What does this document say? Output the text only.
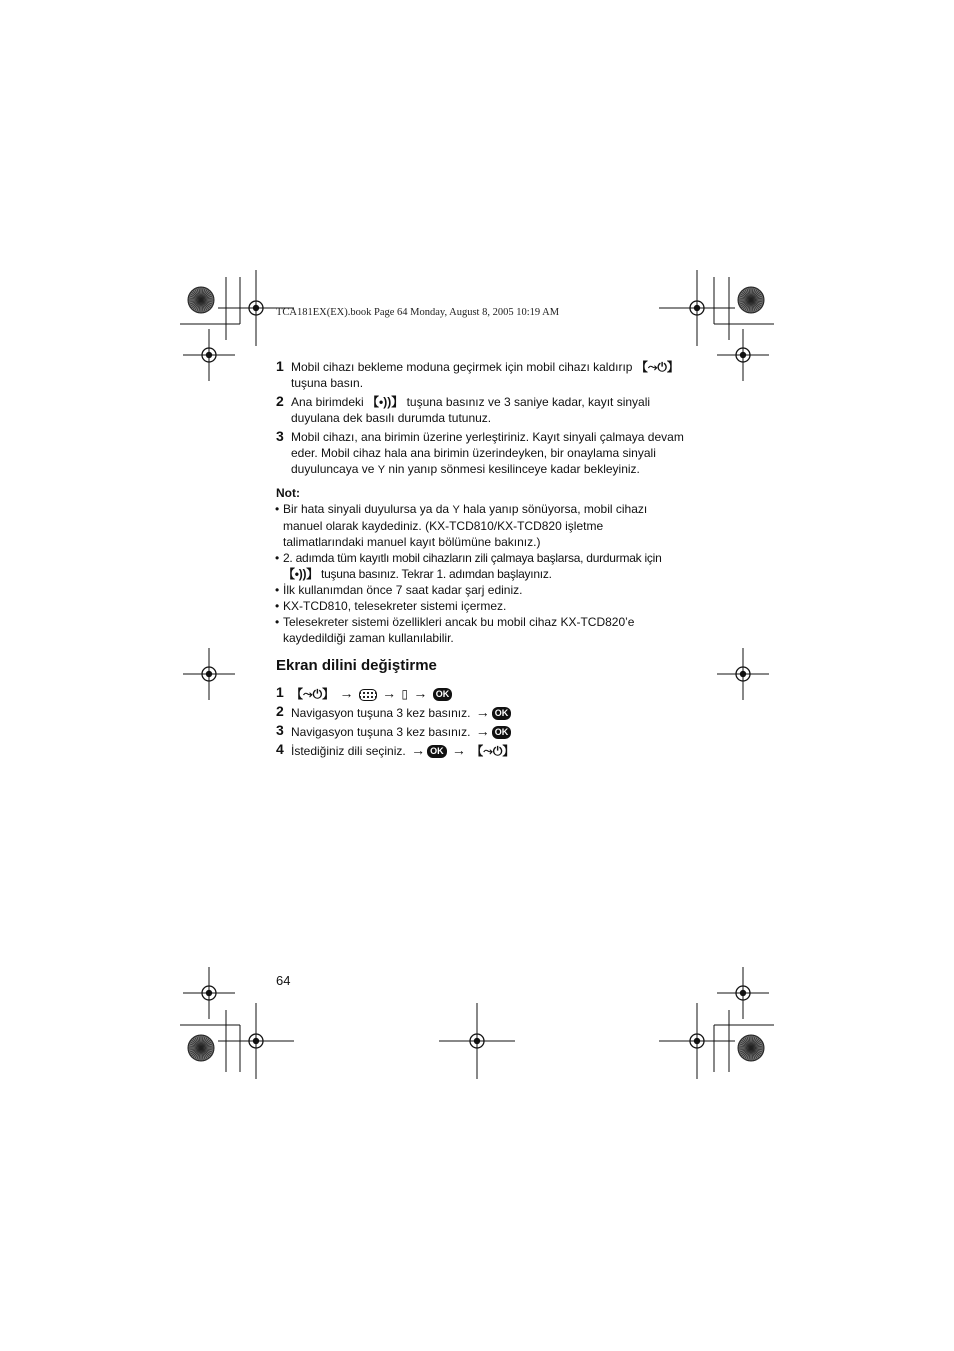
TCA181EX(EX).book Page 64 Monday, August 8, 2005 10:19 AM
1 Mobil cihazı bekleme moduna geçirmek için mobil cihazı kaldırıp 【⤳⏻】 tuşuna basın.
2 Ana birimdeki 【•))】 tuşuna basınız ve 3 saniye kadar, kayıt sinyali duyulana dek basılı durumda tutunuz.
3 Mobil cihazı, ana birimin üzerine yerleştiriniz. Kayıt sinyali çalmaya devam eder. Mobil cihaz hala ana birimin üzerindeyken, bir onaylama sinyali duyuluncaya ve Y nin yanıp sönmesi kesilinceye kadar bekleyiniz.
Not:
• Bir hata sinyali duyulursa ya da Y hala yanıp sönüyorsa, mobil cihazı manuel olarak kaydediniz. (KX-TCD810/KX-TCD820 işletme talimatlarındaki manuel kayıt bölümüne bakınız.)
• 2. adımda tüm kayıtlı mobil cihazların zili çalmaya başlarsa, durdurmak için 【•))】 tuşuna basınız. Tekrar 1. adımdan başlayınız.
• İlk kullanımdan önce 7 saat kadar şarj ediniz.
• KX-TCD810, telesekreter sistemi içermez.
• Telesekreter sistemi özellikleri ancak bu mobil cihaz KX-TCD820’e kaydedildiği zaman kullanılabilir.
Ekran dilini değiştirme
1 【⤳⏻】 → → ▯ → OK
2 Navigasyon tuşuna 3 kez basınız. → OK
3 Navigasyon tuşuna 3 kez basınız. → OK
4 İstediğiniz dili seçiniz. → OK → 【⤳⏻】
64
